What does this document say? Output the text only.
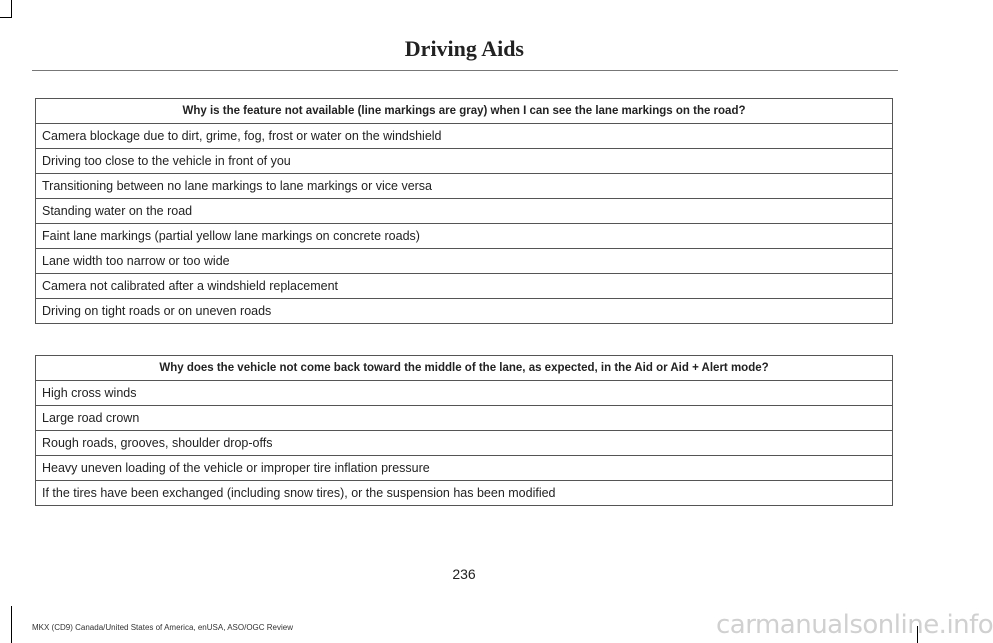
Driving Aids
Why is the feature not available (line markings are gray) when I can see the lane markings on the road?
Camera blockage due to dirt, grime, fog, frost or water on the windshield
Driving too close to the vehicle in front of you
Transitioning between no lane markings to lane markings or vice versa
Standing water on the road
Faint lane markings (partial yellow lane markings on concrete roads)
Lane width too narrow or too wide
Camera not calibrated after a windshield replacement
Driving on tight roads or on uneven roads
Why does the vehicle not come back toward the middle of the lane, as expected, in the Aid or Aid + Alert mode?
High cross winds
Large road crown
Rough roads, grooves, shoulder drop-offs
Heavy uneven loading of the vehicle or improper tire inflation pressure
If the tires have been exchanged (including snow tires), or the suspension has been modified
236
MKX (CD9) Canada/United States of America, enUSA, ASO/OGC Review	carmanualsonline.info
